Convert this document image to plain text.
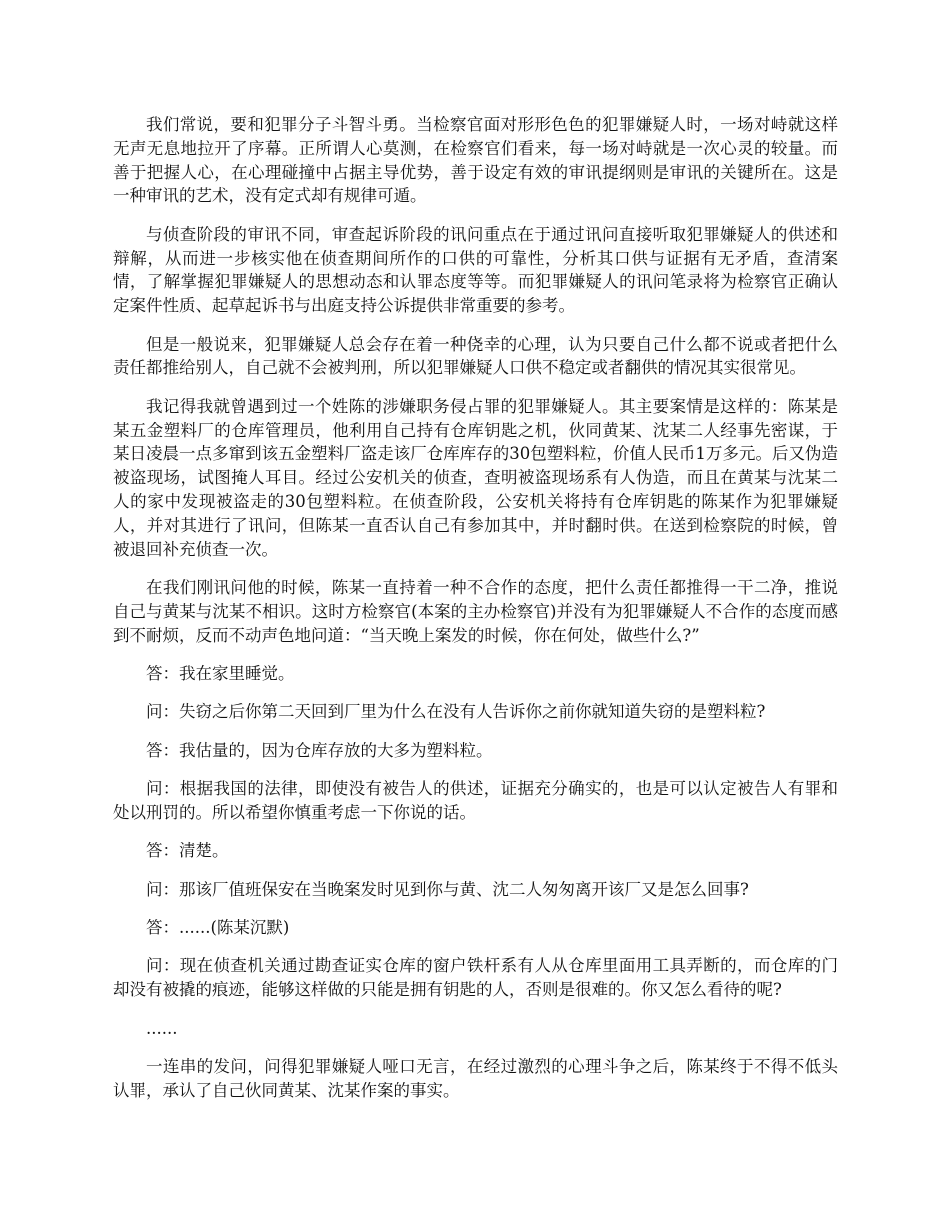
我们常说，要和犯罪分子斗智斗勇。当检察官面对形形色色的犯罪嫌疑人时，一场对峙就这样无声无息地拉开了序幕。正所谓人心莫测，在检察官们看来，每一场对峙就是一次心灵的较量。而善于把握人心，在心理碰撞中占据主导优势，善于设定有效的审讯提纲则是审讯的关键所在。这是一种审讯的艺术，没有定式却有规律可遁。

与侦查阶段的审讯不同，审查起诉阶段的讯问重点在于通过讯问直接听取犯罪嫌疑人的供述和辩解，从而进一步核实他在侦查期间所作的口供的可靠性，分析其口供与证据有无矛盾，查清案情，了解掌握犯罪嫌疑人的思想动态和认罪态度等等。而犯罪嫌疑人的讯问笔录将为检察官正确认定案件性质、起草起诉书与出庭支持公诉提供非常重要的参考。

但是一般说来，犯罪嫌疑人总会存在着一种侥幸的心理，认为只要自己什么都不说或者把什么责任都推给别人，自己就不会被判刑，所以犯罪嫌疑人口供不稳定或者翻供的情况其实很常见。

我记得我就曾遇到过一个姓陈的涉嫌职务侵占罪的犯罪嫌疑人。其主要案情是这样的：陈某是某五金塑料厂的仓库管理员，他利用自己持有仓库钥匙之机，伙同黄某、沈某二人经事先密谋，于某日凌晨一点多窜到该五金塑料厂盗走该厂仓库库存的30包塑料粒，价值人民币1万多元。后又伪造被盗现场，试图掩人耳目。经过公安机关的侦查，查明被盗现场系有人伪造，而且在黄某与沈某二人的家中发现被盗走的30包塑料粒。在侦查阶段，公安机关将持有仓库钥匙的陈某作为犯罪嫌疑人，并对其进行了讯问，但陈某一直否认自己有参加其中，并时翻时供。在送到检察院的时候，曾被退回补充侦查一次。

在我们刚讯问他的时候，陈某一直持着一种不合作的态度，把什么责任都推得一干二净，推说自己与黄某与沈某不相识。这时方检察官(本案的主办检察官)并没有为犯罪嫌疑人不合作的态度而感到不耐烦，反而不动声色地问道：“当天晚上案发的时候，你在何处，做些什么?”

答：我在家里睡觉。

问：失窃之后你第二天回到厂里为什么在没有人告诉你之前你就知道失窃的是塑料粒?

答：我估量的，因为仓库存放的大多为塑料粒。

问：根据我国的法律，即使没有被告人的供述，证据充分确实的，也是可以认定被告人有罪和处以刑罚的。所以希望你慎重考虑一下你说的话。

答：清楚。

问：那该厂值班保安在当晚案发时见到你与黄、沈二人匆匆离开该厂又是怎么回事?

答：......(陈某沉默)

问：现在侦查机关通过勘查证实仓库的窗户铁杆系有人从仓库里面用工具弄断的，而仓库的门却没有被撬的痕迹，能够这样做的只能是拥有钥匙的人，否则是很难的。你又怎么看待的呢?

......

一连串的发问，问得犯罪嫌疑人哑口无言，在经过激烈的心理斗争之后，陈某终于不得不低头认罪，承认了自己伙同黄某、沈某作案的事实。
